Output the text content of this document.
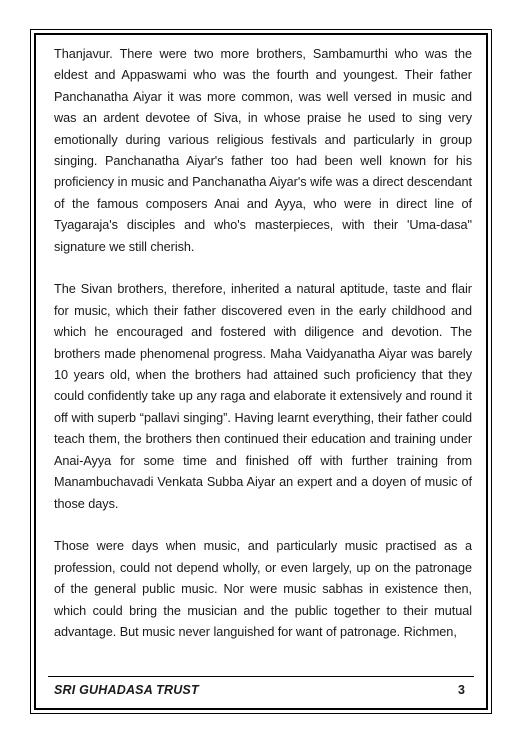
Thanjavur. There were two more brothers, Sambamurthi who was the eldest and Appaswami who was the fourth and youngest. Their father Panchanatha Aiyar it was more common, was well versed in music and was an ardent devotee of Siva, in whose praise he used to sing very emotionally during various religious festivals and particularly in group singing. Panchanatha Aiyar's father too had been well known for his proficiency in music and Panchanatha Aiyar's wife was a direct descendant of the famous composers Anai and Ayya, who were in direct line of Tyagaraja's disciples and who's masterpieces, with their 'Uma-dasa" signature we still cherish.

The Sivan brothers, therefore, inherited a natural aptitude, taste and flair for music, which their father discovered even in the early childhood and which he encouraged and fostered with diligence and devotion. The brothers made phenomenal progress. Maha Vaidyanatha Aiyar was barely 10 years old, when the brothers had attained such proficiency that they could confidently take up any raga and elaborate it extensively and round it off with superb “pallavi singing”. Having learnt everything, their father could teach them, the brothers then continued their education and training under Anai-Ayya for some time and finished off with further training from Manambuchavadi Venkata Subba Aiyar an expert and a doyen of music of those days.

Those were days when music, and particularly music practised as a profession, could not depend wholly, or even largely, up on the patronage of the general public music. Nor were music sabhas in existence then, which could bring the musician and the public together to their mutual advantage. But music never languished for want of patronage. Richmen,

SRI GUHADASA TRUST	3
